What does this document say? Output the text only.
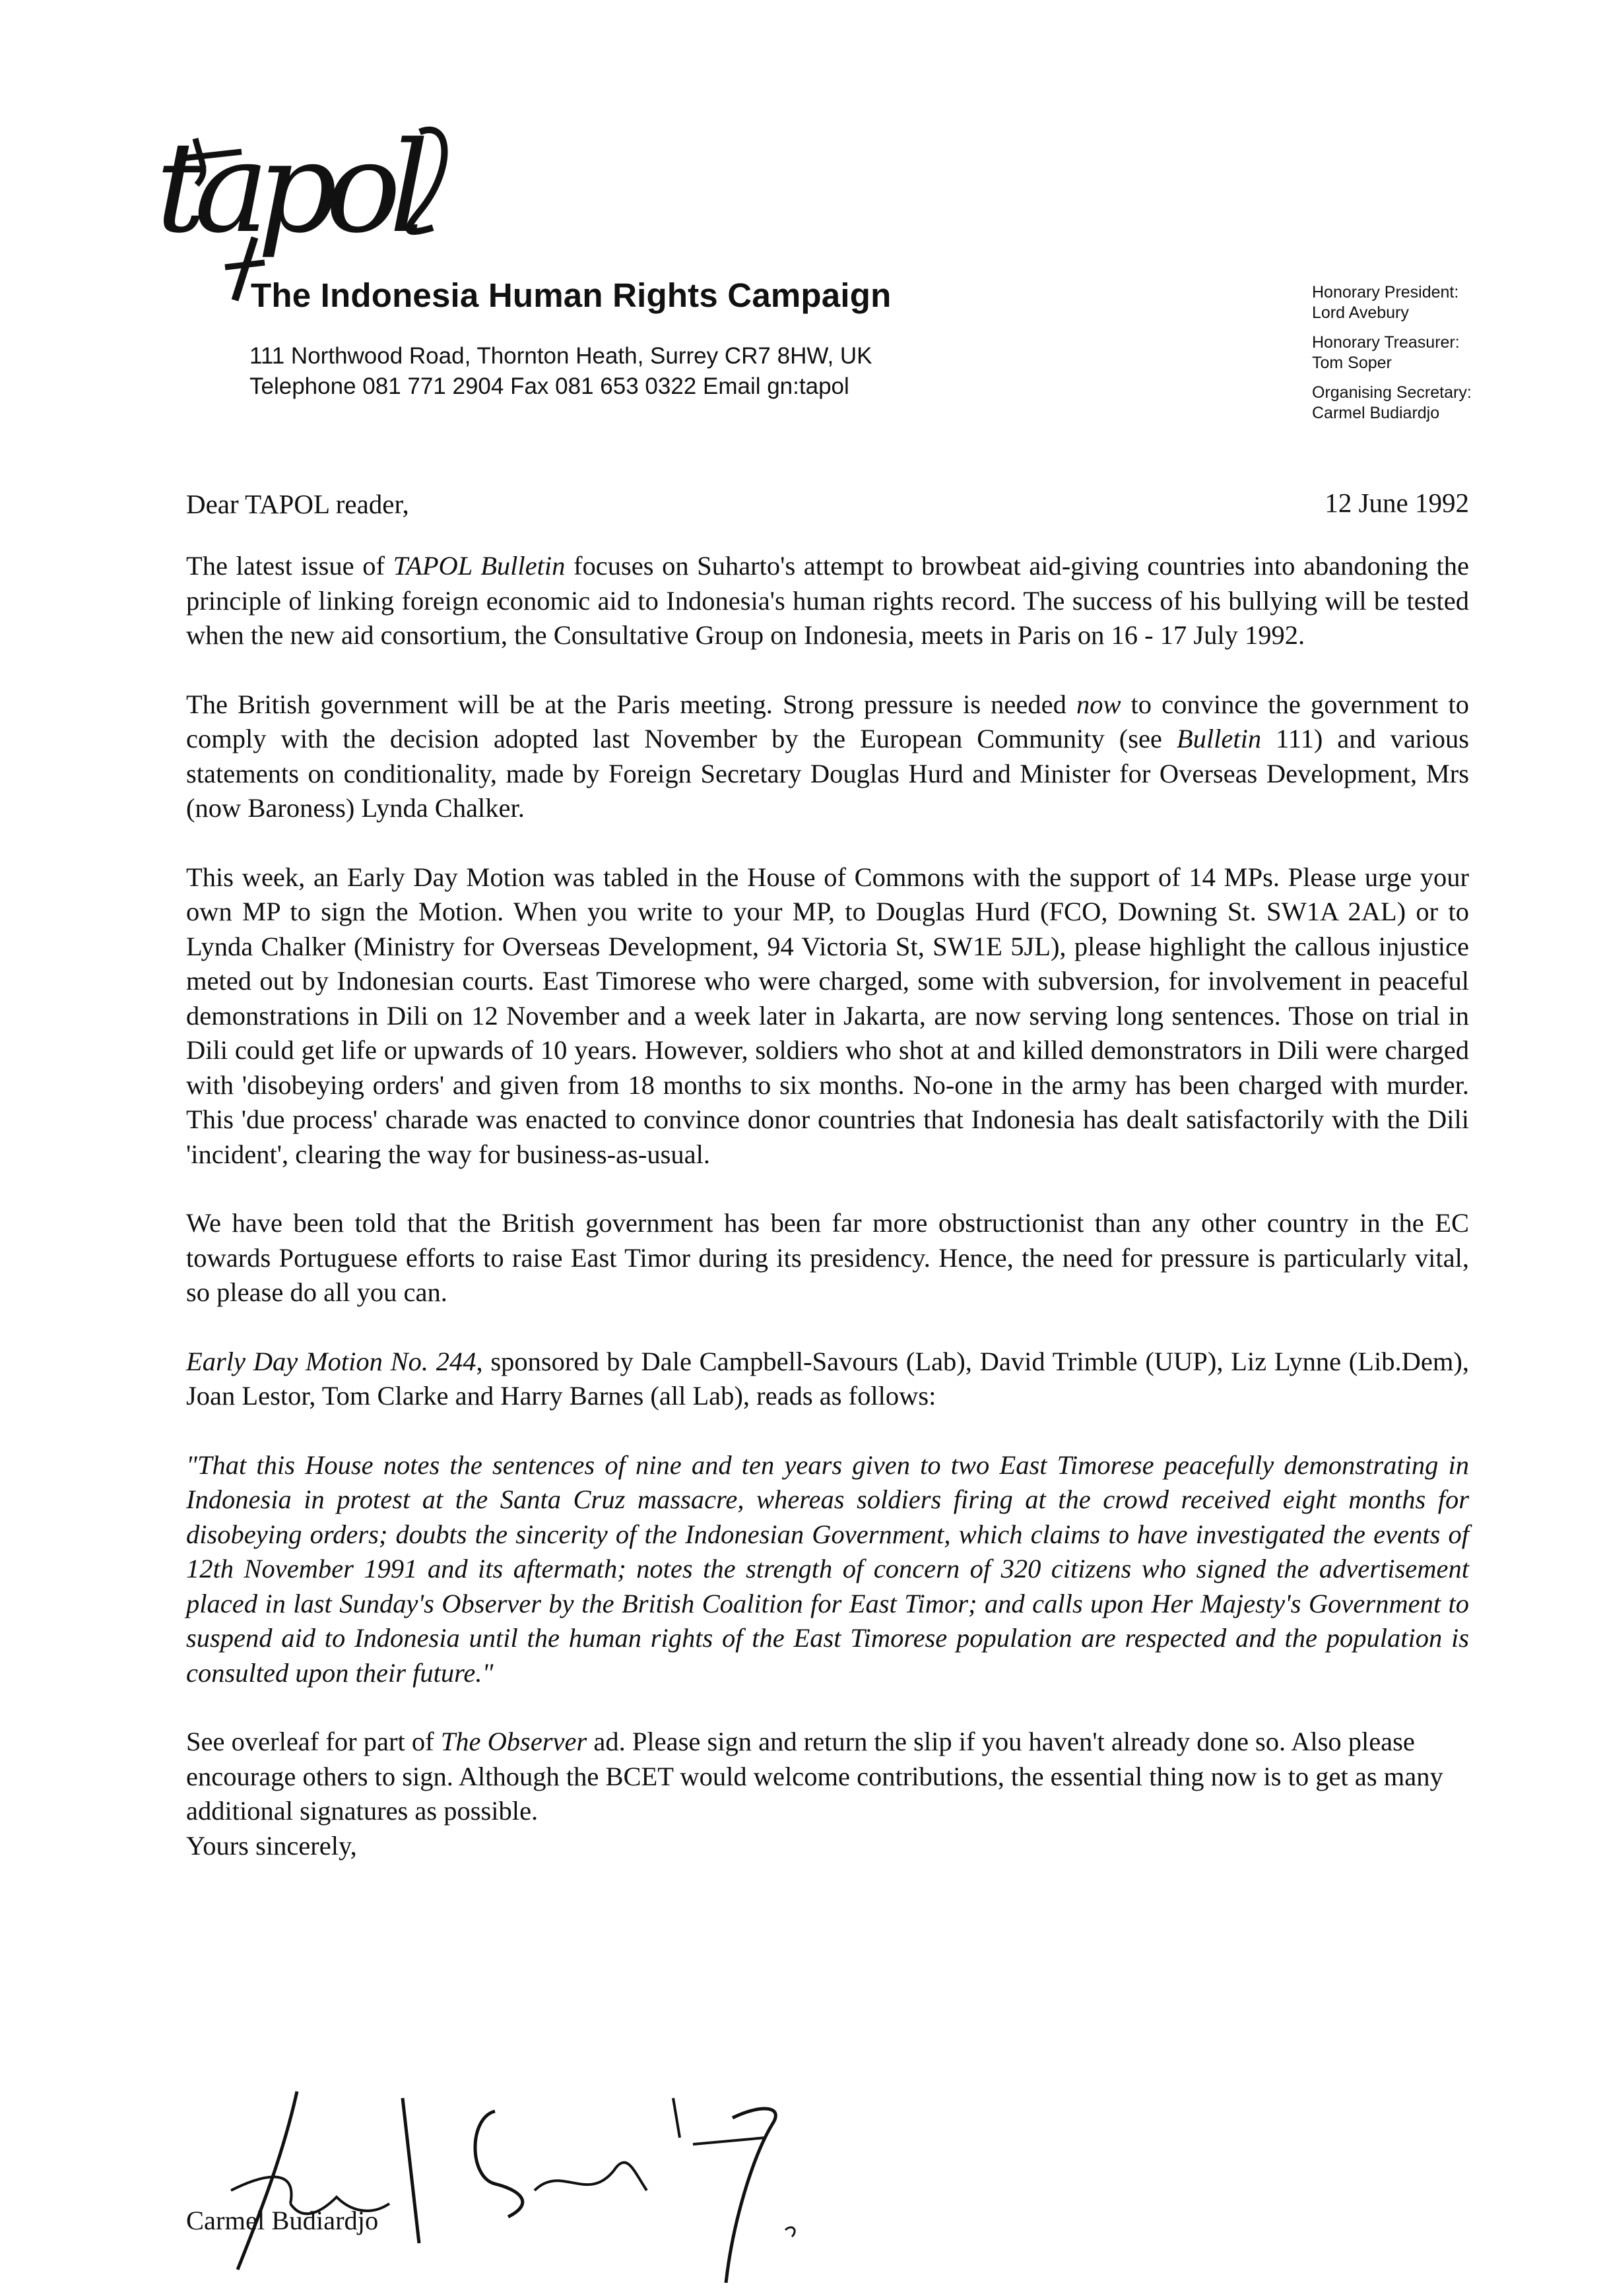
tapol
The Indonesia Human Rights Campaign
111 Northwood Road, Thornton Heath, Surrey CR7 8HW, UK
Telephone 081 771 2904 Fax 081 653 0322 Email gn:tapol
Honorary President:
Lord Avebury
Honorary Treasurer:
Tom Soper
Organising Secretary:
Carmel Budiardjo
Dear TAPOL reader,	12 June 1992

The latest issue of TAPOL Bulletin focuses on Suharto's attempt to browbeat aid-giving countries into abandoning the principle of linking foreign economic aid to Indonesia's human rights record. The success of his bullying will be tested when the new aid consortium, the Consultative Group on Indonesia, meets in Paris on 16 - 17 July 1992.

The British government will be at the Paris meeting. Strong pressure is needed now to convince the government to comply with the decision adopted last November by the European Community (see Bulletin 111) and various statements on conditionality, made by Foreign Secretary Douglas Hurd and Minister for Overseas Development, Mrs (now Baroness) Lynda Chalker.

This week, an Early Day Motion was tabled in the House of Commons with the support of 14 MPs. Please urge your own MP to sign the Motion. When you write to your MP, to Douglas Hurd (FCO, Downing St. SW1A 2AL) or to Lynda Chalker (Ministry for Overseas Development, 94 Victoria St, SW1E 5JL), please highlight the callous injustice meted out by Indonesian courts. East Timorese who were charged, some with subversion, for involvement in peaceful demonstrations in Dili on 12 November and a week later in Jakarta, are now serving long sentences. Those on trial in Dili could get life or upwards of 10 years. However, soldiers who shot at and killed demonstrators in Dili were charged with 'disobeying orders' and given from 18 months to six months. No-one in the army has been charged with murder. This 'due process' charade was enacted to convince donor countries that Indonesia has dealt satisfactorily with the Dili 'incident', clearing the way for business-as-usual.

We have been told that the British government has been far more obstructionist than any other country in the EC towards Portuguese efforts to raise East Timor during its presidency. Hence, the need for pressure is particularly vital, so please do all you can.

Early Day Motion No. 244, sponsored by Dale Campbell-Savours (Lab), David Trimble (UUP), Liz Lynne (Lib.Dem), Joan Lestor, Tom Clarke and Harry Barnes (all Lab), reads as follows:

"That this House notes the sentences of nine and ten years given to two East Timorese peacefully demonstrating in Indonesia in protest at the Santa Cruz massacre, whereas soldiers firing at the crowd received eight months for disobeying orders; doubts the sincerity of the Indonesian Government, which claims to have investigated the events of 12th November 1991 and its aftermath; notes the strength of concern of 320 citizens who signed the advertisement placed in last Sunday's Observer by the British Coalition for East Timor; and calls upon Her Majesty's Government to suspend aid to Indonesia until the human rights of the East Timorese population are respected and the population is consulted upon their future."

See overleaf for part of The Observer ad. Please sign and return the slip if you haven't already done so. Also please encourage others to sign. Although the BCET would welcome contributions, the essential thing now is to get as many additional signatures as possible.
Yours sincerely,

Carmel Budiardjo
